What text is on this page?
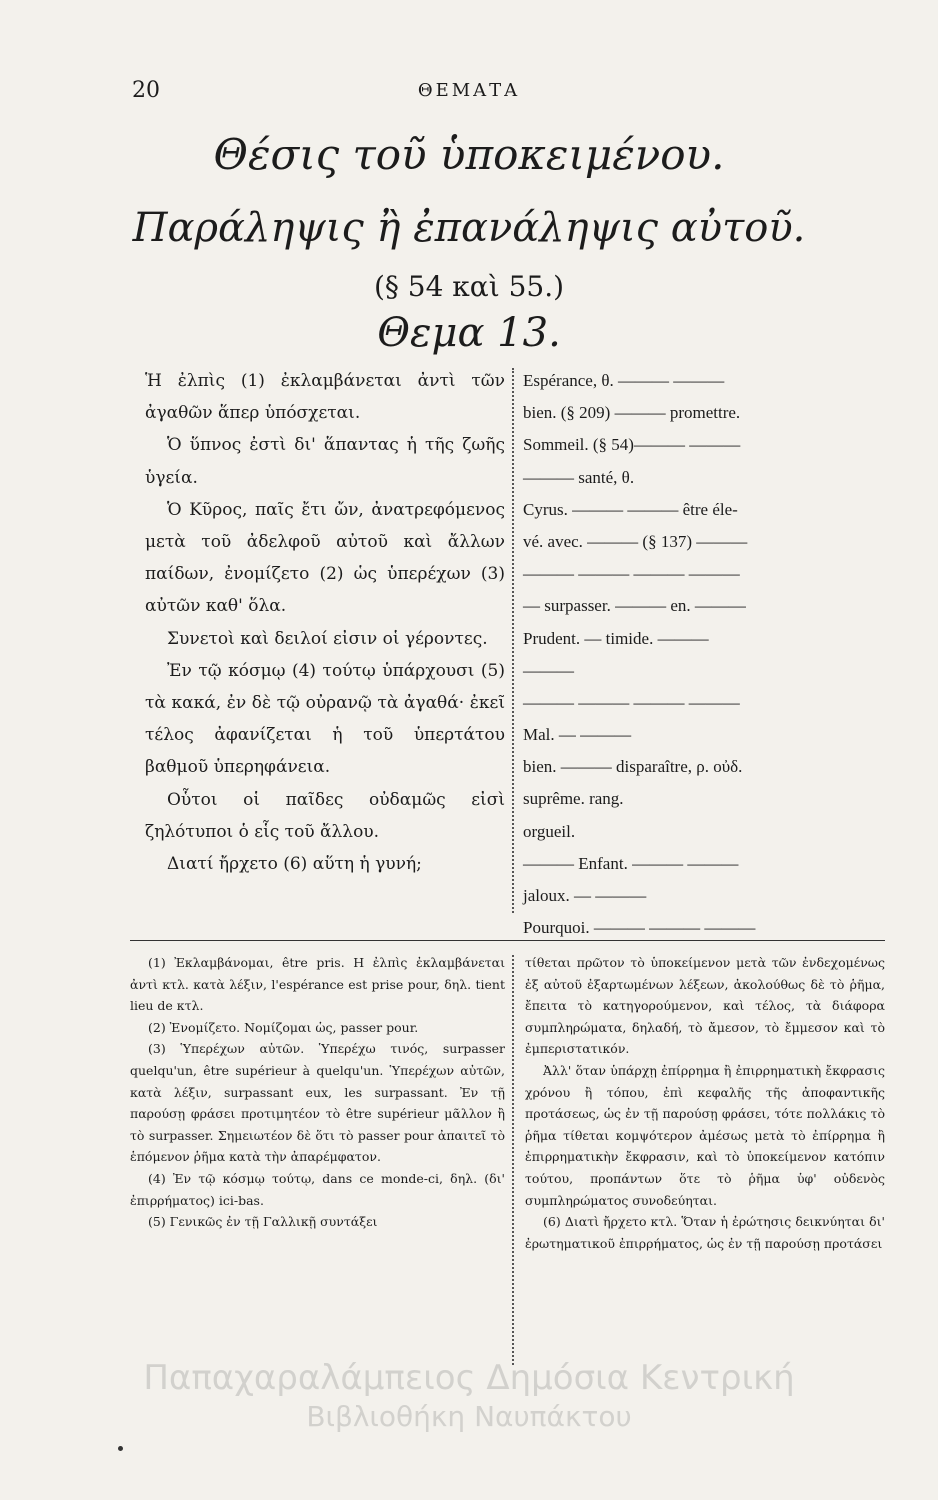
20	ΘΕΜΑΤΑ
Θέσις τοῦ ὑποκειμένου.
Παράληψις ἢ ἐπανάληψις αὐτοῦ.
(§ 54 καὶ 55.)
Θεμα 13.

Ἡ ἐλπὶς (1) ἐκλαμβάνεται ἀντὶ τῶν ἀγαθῶν ἅπερ ὑπόσχεται.

Ὁ ὕπνος ἐστὶ δι' ἅπαντας ἡ τῆς ζωῆς ὑγεία.

Ὁ Κῦρος, παῖς ἔτι ὤν, ἀνατρεφόμενος μετὰ τοῦ ἀδελφοῦ αὐτοῦ καὶ ἄλλων παίδων, ἐνομίζετο (2) ὡς ὑπερέχων (3) αὐτῶν καθ' ὅλα.

Συνετοὶ καὶ δειλοί εἰσιν οἱ γέροντες.

Ἐν τῷ κόσμῳ (4) τούτῳ ὑπάρχουσι (5) τὰ κακά, ἐν δὲ τῷ οὐρανῷ τὰ ἀγαθά· ἐκεῖ τέλος ἀφανίζεται ἡ τοῦ ὑπερτάτου βαθμοῦ ὑπερηφάνεια.

Οὗτοι οἱ παῖδες οὐδαμῶς εἰσὶ ζηλότυποι ὁ εἷς τοῦ ἄλλου.

Διατί ἤρχετο (6) αὕτη ἡ γυνή;

Espérance, θ. ——— ———
bien. (§ 209) ——— promettre.
Sommeil. (§ 54)——— ———
——— santé, θ.
Cyrus. ——— ——— être éle-
vé. avec. ——— (§ 137) ———
——— ——— ——— ———
— surpasser. ——— en. ———
Prudent. — timide. ———
———
——— ——— ——— ———
Mal. — ———
bien. ——— disparaître, ρ. οὐδ.
suprême. rang.
orgueil.
——— Enfant. ——— ———
jaloux. — ———
Pourquoi. ——— ——— ———

(1) Ἐκλαμβάνομαι, être pris. Η ἐλπὶς ἐκλαμβάνεται ἀντὶ κτλ. κατὰ λέξιν, l'espérance est prise pour, δηλ. tient lieu de κτλ.

(2) Ἐνομίζετο. Νομίζομαι ὡς, passer pour.

(3) Ὑπερέχων αὐτῶν. Ὑπερέχω τινός, surpasser quelqu'un, être supérieur à quelqu'un. Ὑπερέχων αὐτῶν, κατὰ λέξιν, surpassant eux, les surpassant. Ἐν τῇ παρούσῃ φράσει προτιμητέον τὸ être supérieur μᾶλλον ἢ τὸ surpasser. Σημειωτέον δὲ ὅτι τὸ passer pour ἀπαιτεῖ τὸ ἑπόμενον ῥῆμα κατὰ τὴν ἀπαρέμφατον.

(4) Ἐν τῷ κόσμῳ τούτῳ, dans ce monde-ci, δηλ. (δι' ἐπιρρήματος) ici-bas.

(5) Γενικῶς ἐν τῇ Γαλλικῇ συντάξει

τίθεται πρῶτον τὸ ὑποκείμενον μετὰ τῶν ἐνδεχομένως ἐξ αὐτοῦ ἐξαρτωμένων λέξεων, ἀκολούθως δὲ τὸ ῥῆμα, ἔπειτα τὸ κατηγορούμενον, καὶ τέλος, τὰ διάφορα συμπληρώματα, δηλαδή, τὸ ἄμεσον, τὸ ἔμμεσον καὶ τὸ ἐμπεριστατικόν.

Ἀλλ' ὅταν ὑπάρχῃ ἐπίρρημα ἢ ἐπιρρηματικὴ ἔκφρασις χρόνου ἢ τόπου, ἐπὶ κεφαλῆς τῆς ἀποφαντικῆς προτάσεως, ὡς ἐν τῇ παρούσῃ φράσει, τότε πολλάκις τὸ ῥῆμα τίθεται κομψότερον ἀμέσως μετὰ τὸ ἐπίρρημα ἢ ἐπιρρηματικὴν ἔκφρασιν, καὶ τὸ ὑποκείμενον κατόπιν τούτου, προπάντων ὅτε τὸ ῥῆμα ὑφ' οὐδενὸς συμπληρώματος συνοδεύηται.

(6) Διατὶ ἤρχετο κτλ. Ὅταν ἡ ἐρώτησις δεικνύηται δι' ἐρωτηματικοῦ ἐπιρρήματος, ὡς ἐν τῇ παρούσῃ προτάσει

Παπαχαραλάμπειος Δημόσια Κεντρική
Βιβλιοθήκη Ναυπάκτου
